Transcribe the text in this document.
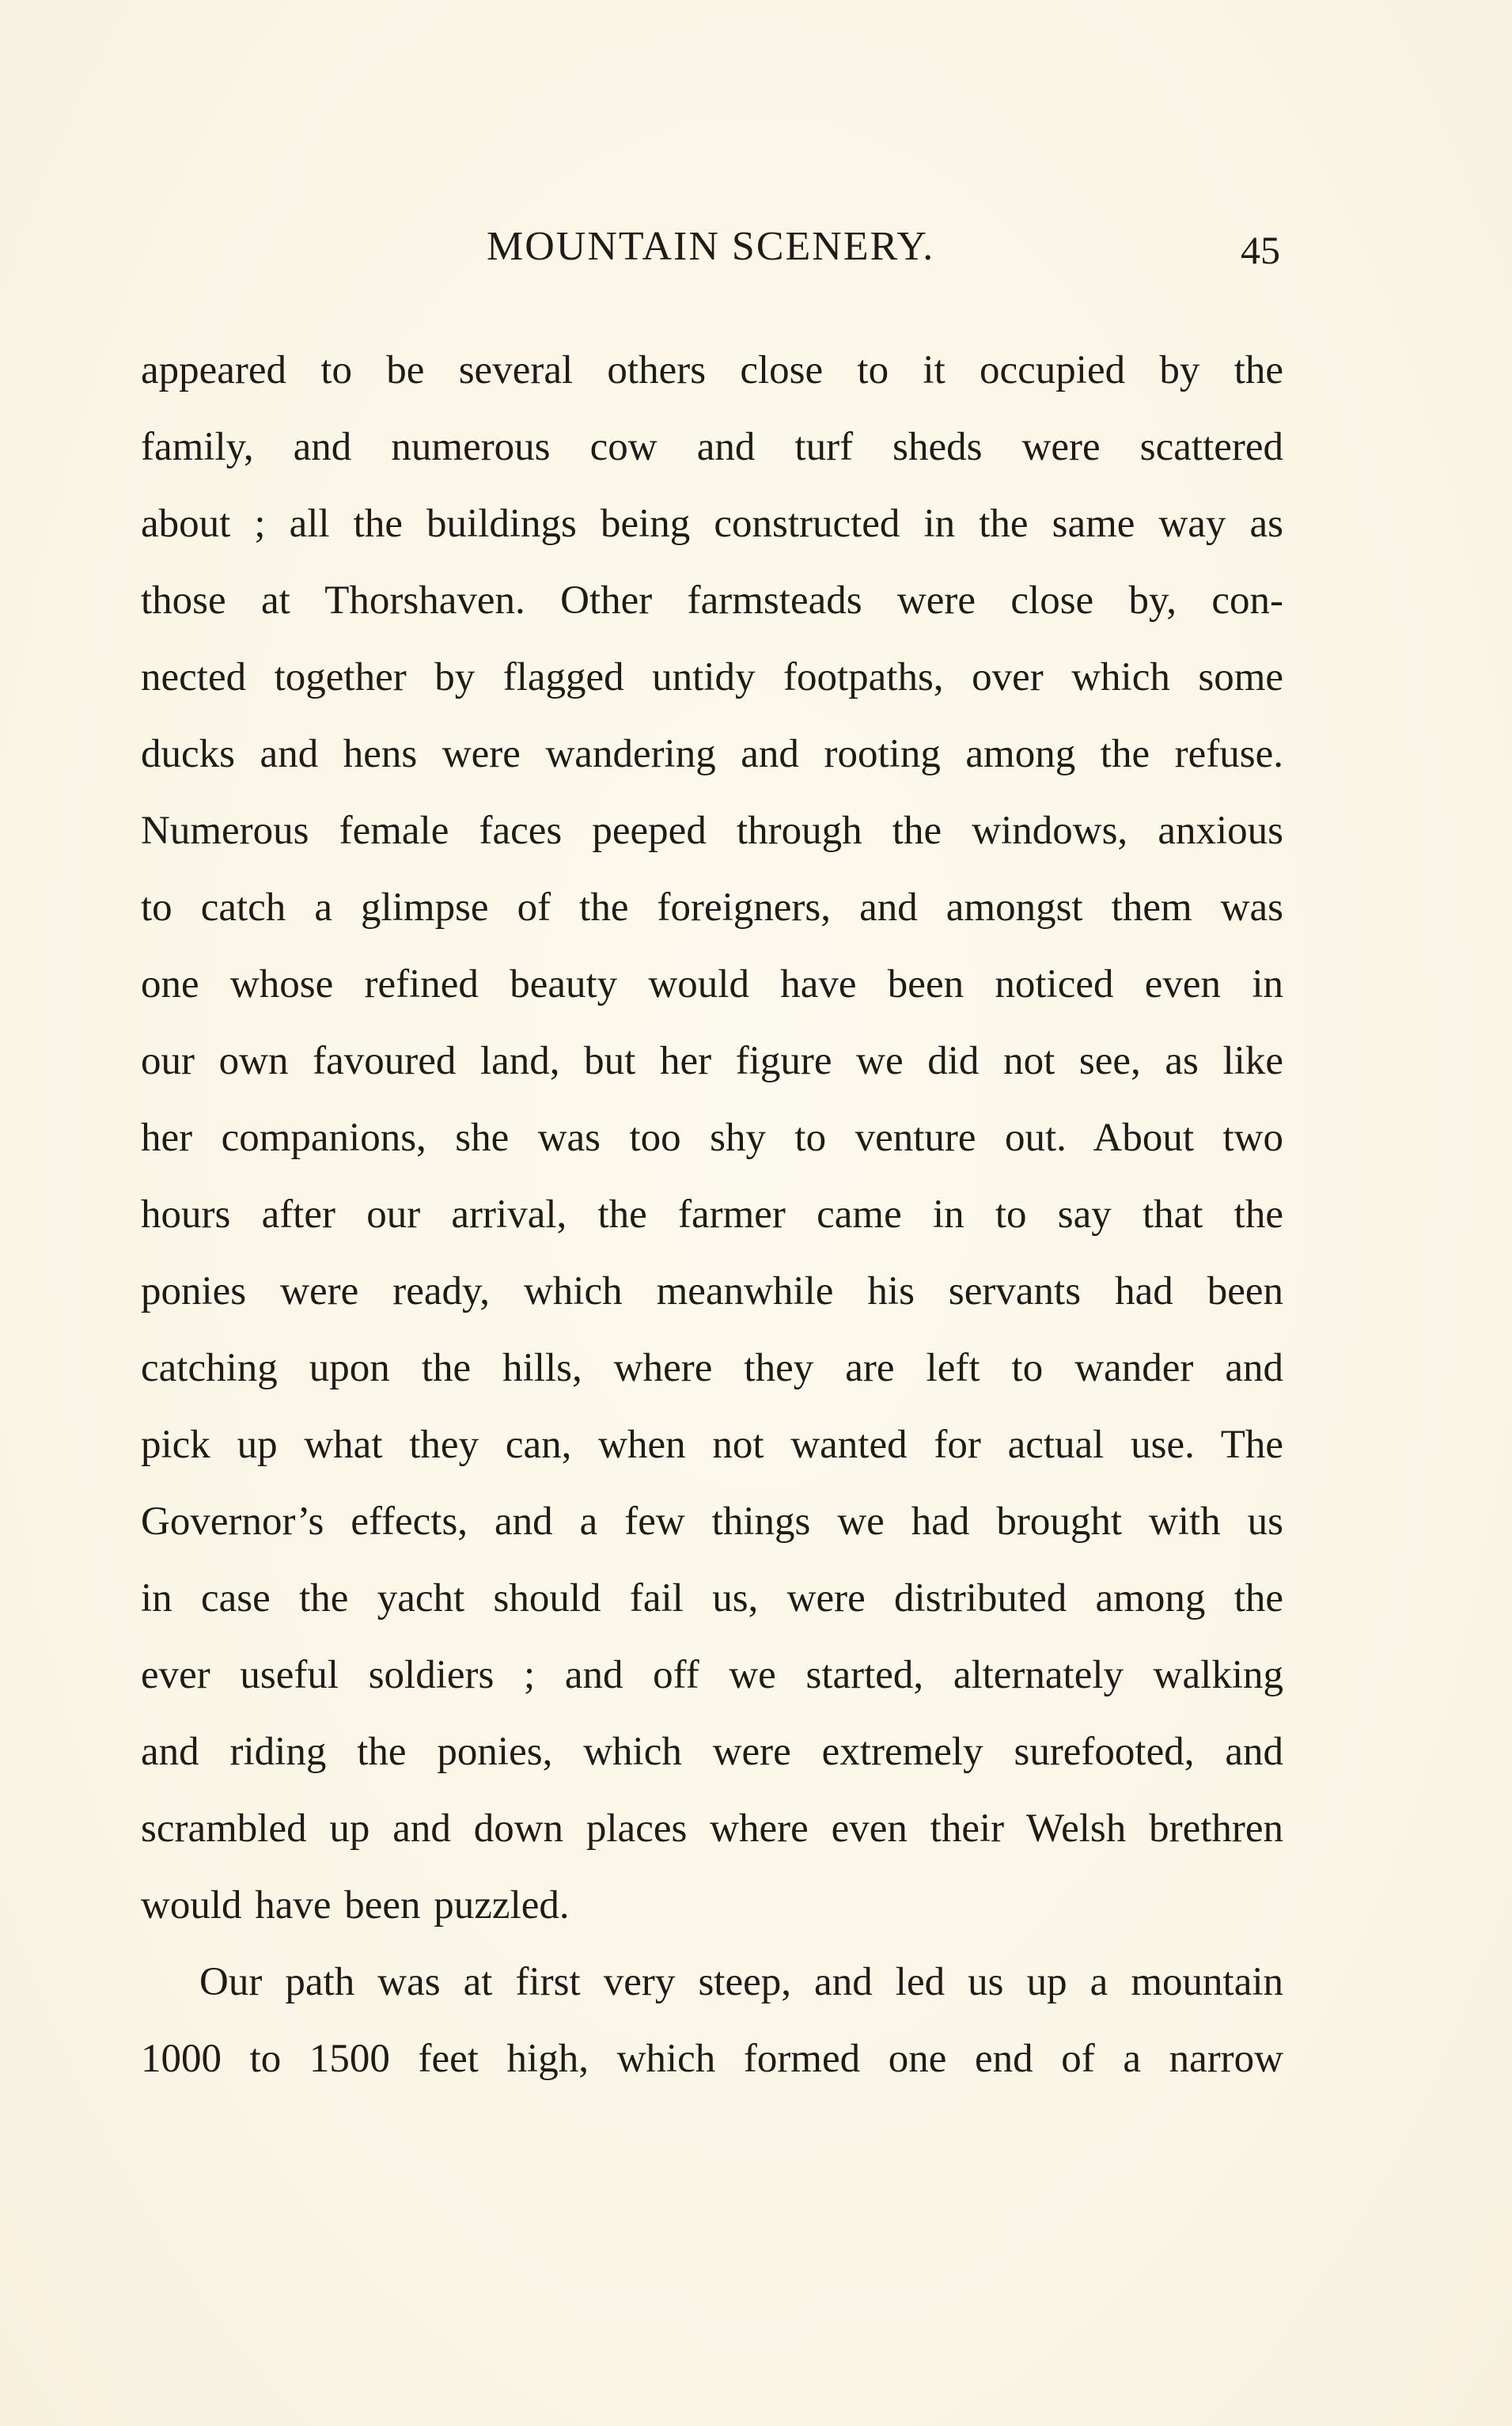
MOUNTAIN SCENERY.	45
appeared to be several others close to it occupied by the
family, and numerous cow and turf sheds were scattered
about ; all the buildings being constructed in the same way as
those at Thorshaven. Other farmsteads were close by, con-
nected together by flagged untidy footpaths, over which some
ducks and hens were wandering and rooting among the refuse.
Numerous female faces peeped through the windows, anxious
to catch a glimpse of the foreigners, and amongst them was
one whose refined beauty would have been noticed even in
our own favoured land, but her figure we did not see, as like
her companions, she was too shy to venture out. About two
hours after our arrival, the farmer came in to say that the
ponies were ready, which meanwhile his servants had been
catching upon the hills, where they are left to wander and
pick up what they can, when not wanted for actual use. The
Governor’s effects, and a few things we had brought with us
in case the yacht should fail us, were distributed among the
ever useful soldiers ; and off we started, alternately walking
and riding the ponies, which were extremely surefooted, and
scrambled up and down places where even their Welsh brethren
would have been puzzled.
Our path was at first very steep, and led us up a mountain
1000 to 1500 feet high, which formed one end of a narrow
